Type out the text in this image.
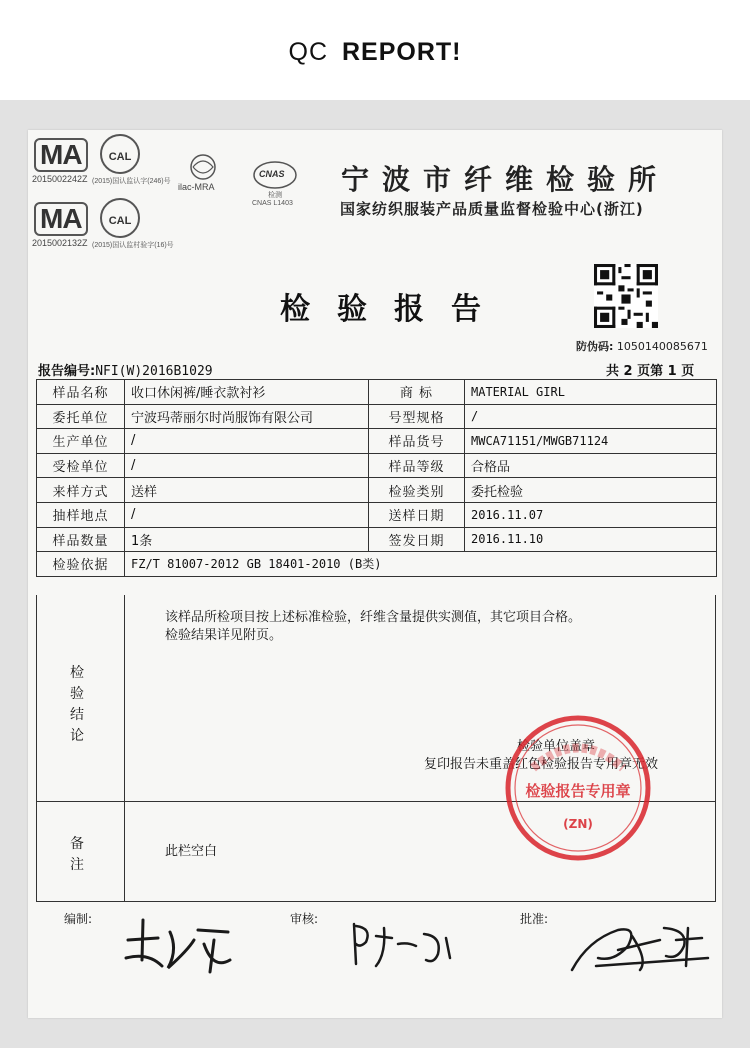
QC REPORT!
MA	CAL
2015002242Z (2015)国认监认字(246)号
MA	CAL
2015002132Z (2015)国认监村验字(16)号
ilac-MRA
CNAS
检测
CNAS L1403
宁波市纤维检验所
国家纺织服装产品质量监督检验中心(浙江)
检验报告
防伪码: 1050140085671
报告编号:NFI(W)2016B1029	共 2 页第 1 页
样品名称	收口休闲裤/睡衣款衬衫	商 标	MATERIAL GIRL
委托单位	宁波玛蒂丽尔时尚服饰有限公司	号型规格	/
生产单位	/	样品货号	MWCA71151/MWGB71124
受检单位	/	样品等级	合格品
来样方式	送样	检验类别	委托检验
抽样地点	/	送样日期	2016.11.07
样品数量	1条	签发日期	2016.11.10
检验依据	FZ/T 81007-2012 GB 18401-2010 (B类)		
检
验
结
论
该样品所检项目按上述标准检验，纤维含量提供实测值，其它项目合格。
检验结果详见附页。
检验单位盖章
复印报告未重盖红色检验报告专用章无效
检验报告专用章
(ZN)
备
注
此栏空白
编制:	审核:	批准:
